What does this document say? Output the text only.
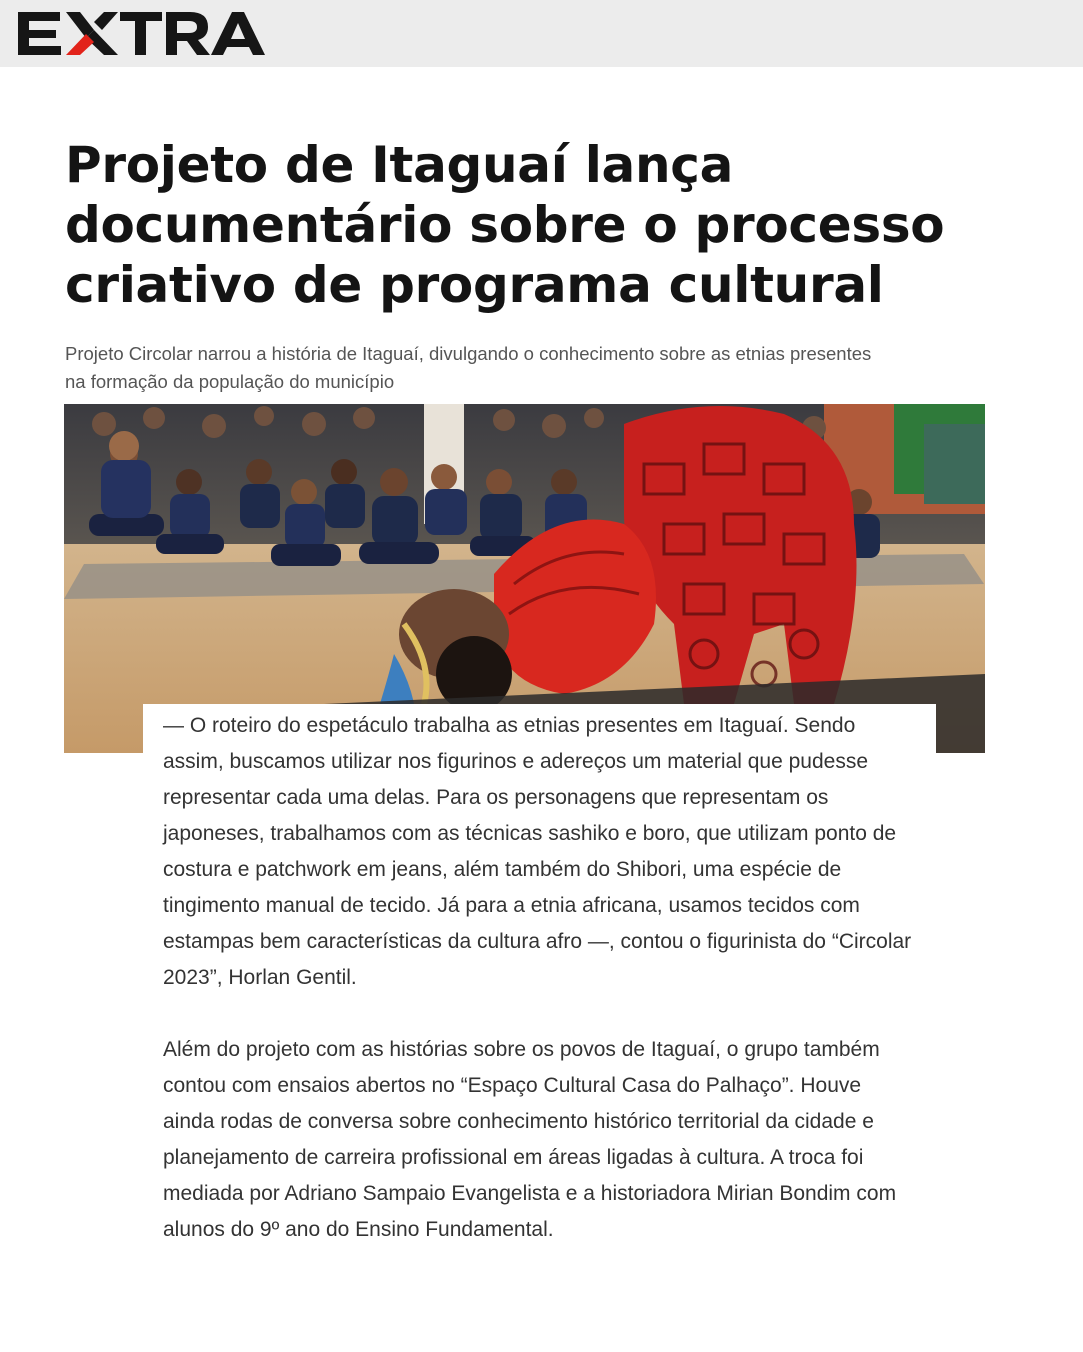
Projeto de Itaguaí lança documentário sobre o processo criativo de programa cultural

Projeto Circolar narrou a história de Itaguaí, divulgando o conhecimento sobre as etnias presentes na formação da população do município

— O roteiro do espetáculo trabalha as etnias presentes em Itaguaí. Sendo assim, buscamos utilizar nos figurinos e adereços um material que pudesse representar cada uma delas. Para os personagens que representam os japoneses, trabalhamos com as técnicas sashiko e boro, que utilizam ponto de costura e patchwork em jeans, além também do Shibori, uma espécie de tingimento manual de tecido. Já para a etnia africana, usamos tecidos com estampas bem características da cultura afro —, contou o figurinista do “Circolar 2023”, Horlan Gentil.

Além do projeto com as histórias sobre os povos de Itaguaí, o grupo também contou com ensaios abertos no “Espaço Cultural Casa do Palhaço”. Houve ainda rodas de conversa sobre conhecimento histórico territorial da cidade e planejamento de carreira profissional em áreas ligadas à cultura. A troca foi mediada por Adriano Sampaio Evangelista e a historiadora Mirian Bondim com alunos do 9º ano do Ensino Fundamental.
